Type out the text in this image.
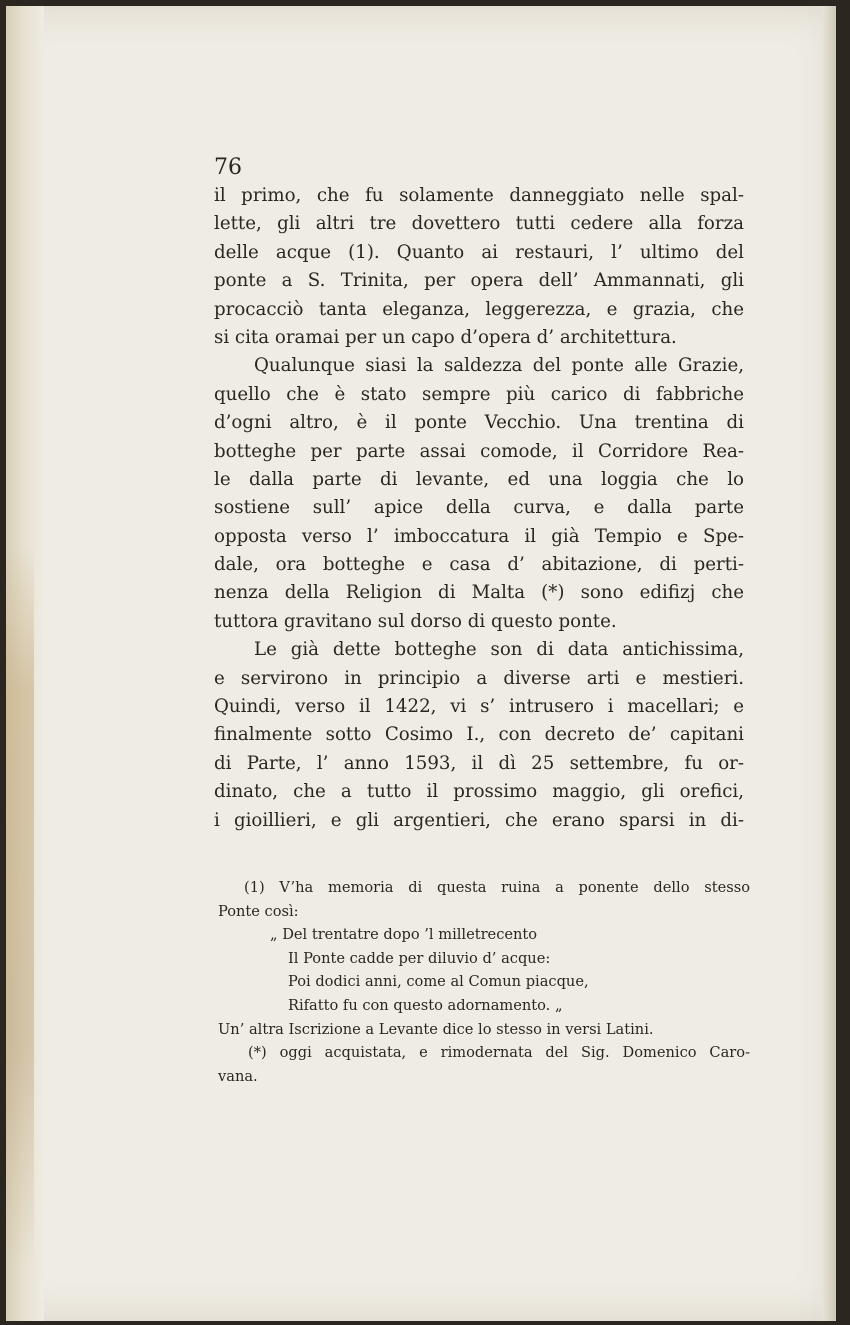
76
il primo, che fu solamente danneggiato nelle spal-
lette, gli altri tre dovettero tutti cedere alla forza
delle acque (1). Quanto ai restauri, l’ ultimo del
ponte a S. Trinita, per opera dell’ Ammannati, gli
procacciò tanta eleganza, leggerezza, e grazia, che
si cita oramai per un capo d’opera d’ architettura.
Qualunque siasi la saldezza del ponte alle Grazie,
quello che è stato sempre più carico di fabbriche
d’ogni altro, è il ponte Vecchio. Una trentina di
botteghe per parte assai comode, il Corridore Rea-
le dalla parte di levante, ed una loggia che lo
sostiene sull’ apice della curva, e dalla parte
opposta verso l’ imboccatura il già Tempio e Spe-
dale, ora botteghe e casa d’ abitazione, di perti-
nenza della Religion di Malta (*) sono edifizj che
tuttora gravitano sul dorso di questo ponte.
Le già dette botteghe son di data antichissima,
e servirono in principio a diverse arti e mestieri.
Quindi, verso il 1422, vi s’ intrusero i macellari; e
finalmente sotto Cosimo I., con decreto de’ capitani
di Parte, l’ anno 1593, il dì 25 settembre, fu or-
dinato, che a tutto il prossimo maggio, gli orefici,
i gioillieri, e gli argentieri, che erano sparsi in di-
(1) V’ha memoria di questa ruina a ponente dello stesso
Ponte così:
„ Del trentatre dopo ’l milletrecento
Il Ponte cadde per diluvio d’ acque:
Poi dodici anni, come al Comun piacque,
Rifatto fu con questo adornamento. „
Un’ altra Iscrizione a Levante dice lo stesso in versi Latini.
(*) oggi acquistata, e rimodernata del Sig. Domenico Caro-
vana.
